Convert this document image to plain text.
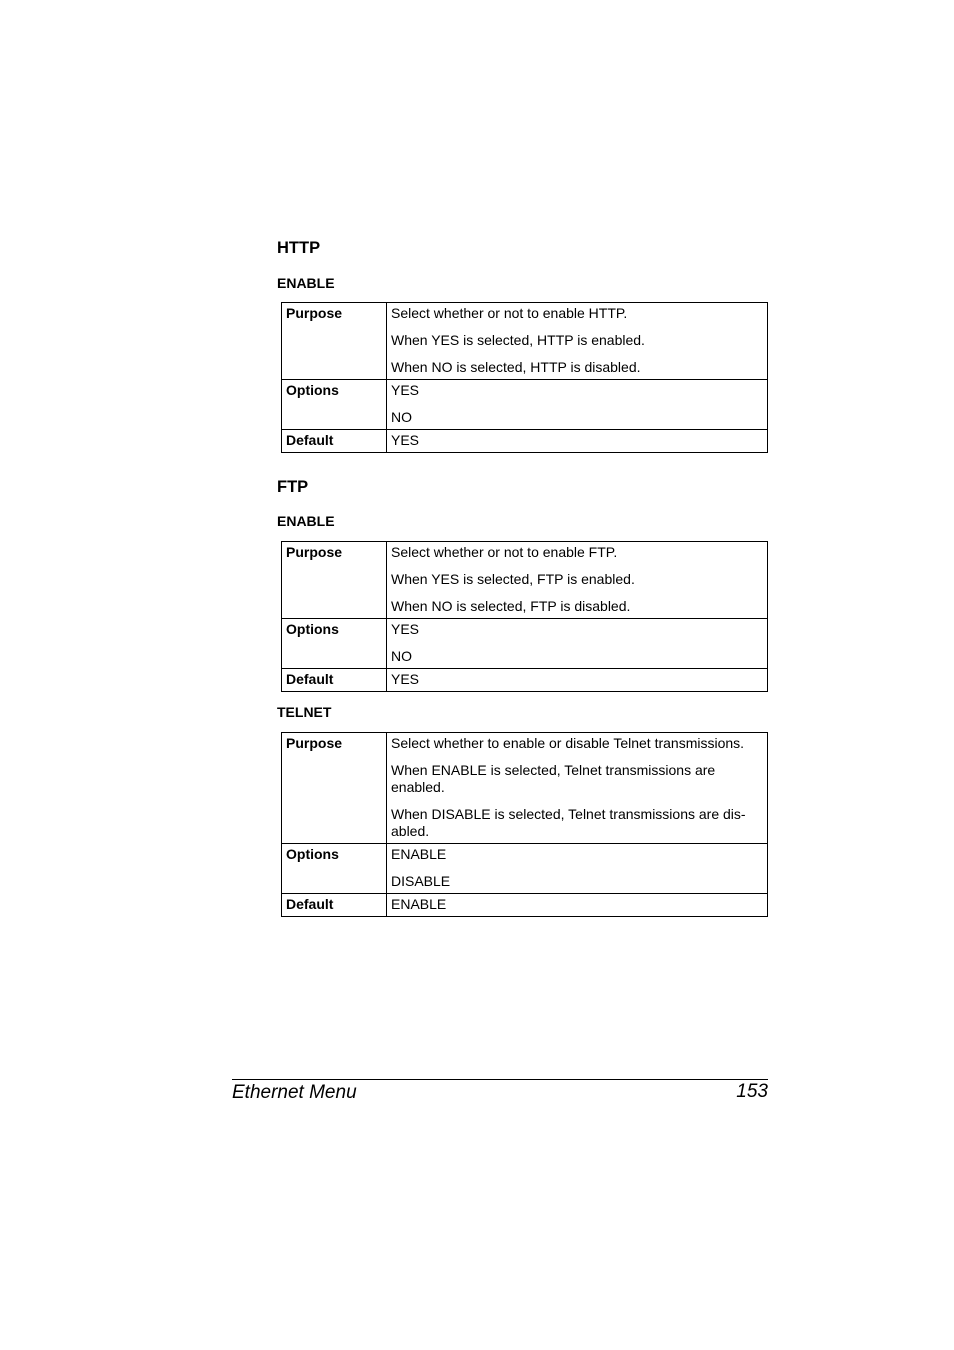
HTTP
ENABLE
Purpose	Select whether or not to enable HTTP.

When YES is selected, HTTP is enabled.

When NO is selected, HTTP is disabled.

Options	YES

NO

Default	YES

FTP
ENABLE
Purpose	Select whether or not to enable FTP.

When YES is selected, FTP is enabled.

When NO is selected, FTP is disabled.

Options	YES

NO

Default	YES

TELNET
Purpose	Select whether to enable or disable Telnet transmissions.

When ENABLE is selected, Telnet transmissions are enabled.

When DISABLE is selected, Telnet transmissions are dis-abled.

Options	ENABLE

DISABLE

Default	ENABLE

Ethernet Menu	153
